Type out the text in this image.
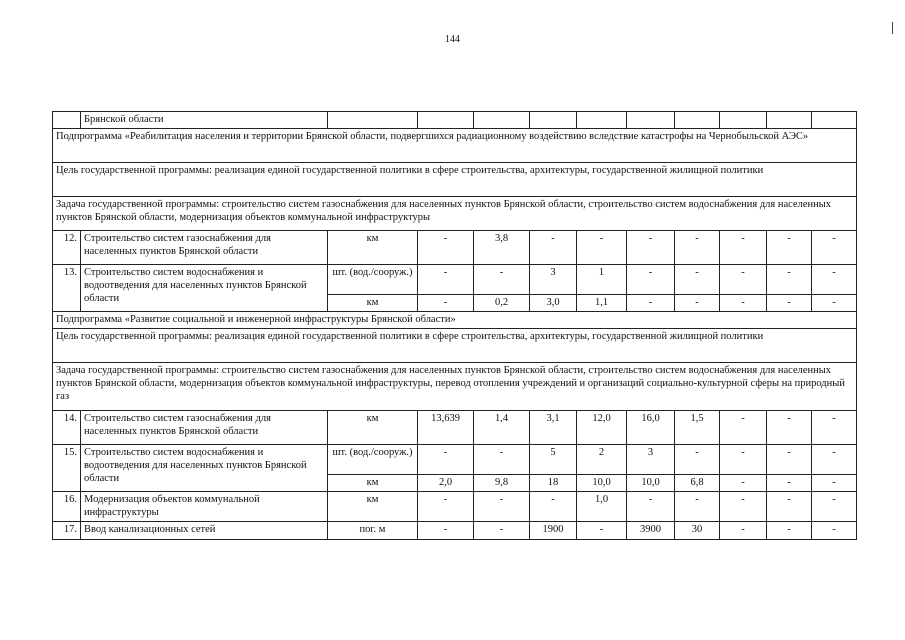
144
	Брянской области										
Подпрограмма «Реабилитация населения и территории Брянской области, подвергшихся радиационному воздействию вследствие катастрофы на Чернобыльской АЭС»											
Цель государственной программы: реализация единой государственной политики в сфере строительства, архитектуры, государственной жилищной политики											
Задача государственной программы: строительство систем газоснабжения для населенных пунктов Брянской области, строительство систем водоснабжения для населенных пунктов Брянской области, модернизация объектов коммунальной инфраструктуры											
12.	Строительство систем газоснабжения для населенных пунктов Брянской области	км	-	3,8	-	-	-	-	-	-	-
13.	Строительство систем водоснабжения и водоотведения для населенных пунктов Брянской области	шт. (вод./сооруж.)	-	-	3	1	-	-	-	-	-
		км	-	0,2	3,0	1,1	-	-	-	-	-
Подпрограмма «Развитие социальной и инженерной инфраструктуры Брянской области»											
Цель государственной программы: реализация единой государственной политики в сфере строительства, архитектуры, государственной жилищной политики											
Задача государственной программы: строительство систем газоснабжения для населенных пунктов Брянской области, строительство систем водоснабжения для населенных пунктов Брянской области, модернизация объектов коммунальной инфраструктуры, перевод отопления учреждений и организаций социально-культурной сферы на природный газ											
14.	Строительство систем газоснабжения для населенных пунктов Брянской области	км	13,639	1,4	3,1	12,0	16,0	1,5	-	-	-
15.	Строительство систем водоснабжения и водоотведения для населенных пунктов Брянской области	шт. (вод./сооруж.)	-	-	5	2	3	-	-	-	-
		км	2,0	9,8	18	10,0	10,0	6,8	-	-	-
16.	Модернизация объектов коммунальной инфраструктуры	км	-	-	-	1,0	-	-	-	-	-
17.	Ввод канализационных сетей	пог. м	-	-	1900	-	3900	30	-	-	-
